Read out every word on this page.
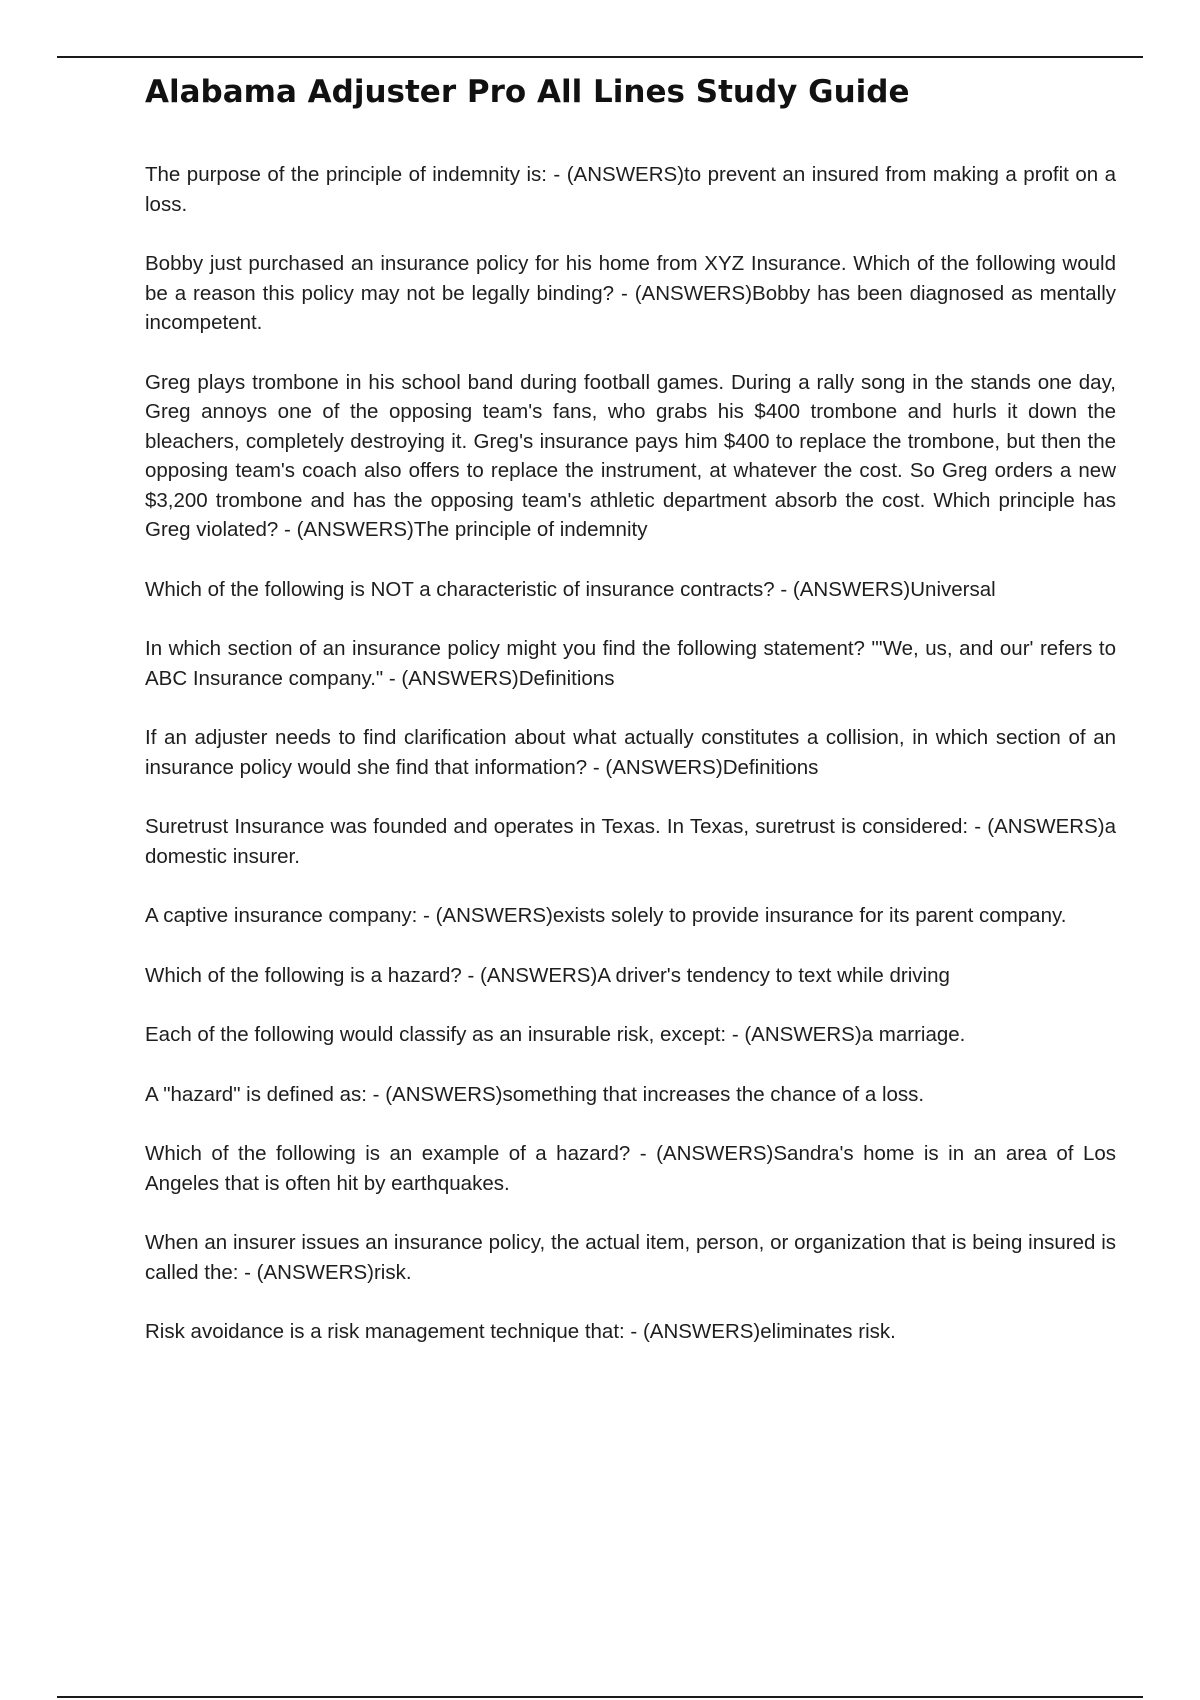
Alabama Adjuster Pro All Lines Study Guide

The purpose of the principle of indemnity is: - (ANSWERS)to prevent an insured from making a profit on a loss.

Bobby just purchased an insurance policy for his home from XYZ Insurance. Which of the following would be a reason this policy may not be legally binding? - (ANSWERS)Bobby has been diagnosed as mentally incompetent.

Greg plays trombone in his school band during football games. During a rally song in the stands one day, Greg annoys one of the opposing team's fans, who grabs his $400 trombone and hurls it down the bleachers, completely destroying it. Greg's insurance pays him $400 to replace the trombone, but then the opposing team's coach also offers to replace the instrument, at whatever the cost. So Greg orders a new $3,200 trombone and has the opposing team's athletic department absorb the cost. Which principle has Greg violated? - (ANSWERS)The principle of indemnity

Which of the following is NOT a characteristic of insurance contracts? - (ANSWERS)Universal

In which section of an insurance policy might you find the following statement? "'We, us, and our' refers to ABC Insurance company." - (ANSWERS)Definitions

If an adjuster needs to find clarification about what actually constitutes a collision, in which section of an insurance policy would she find that information? - (ANSWERS)Definitions

Suretrust Insurance was founded and operates in Texas. In Texas, suretrust is considered: - (ANSWERS)a domestic insurer.

A captive insurance company: - (ANSWERS)exists solely to provide insurance for its parent company.

Which of the following is a hazard? - (ANSWERS)A driver's tendency to text while driving

Each of the following would classify as an insurable risk, except: - (ANSWERS)a marriage.

A "hazard" is defined as: - (ANSWERS)something that increases the chance of a loss.

Which of the following is an example of a hazard? - (ANSWERS)Sandra's home is in an area of Los Angeles that is often hit by earthquakes.

When an insurer issues an insurance policy, the actual item, person, or organization that is being insured is called the: - (ANSWERS)risk.

Risk avoidance is a risk management technique that: - (ANSWERS)eliminates risk.
